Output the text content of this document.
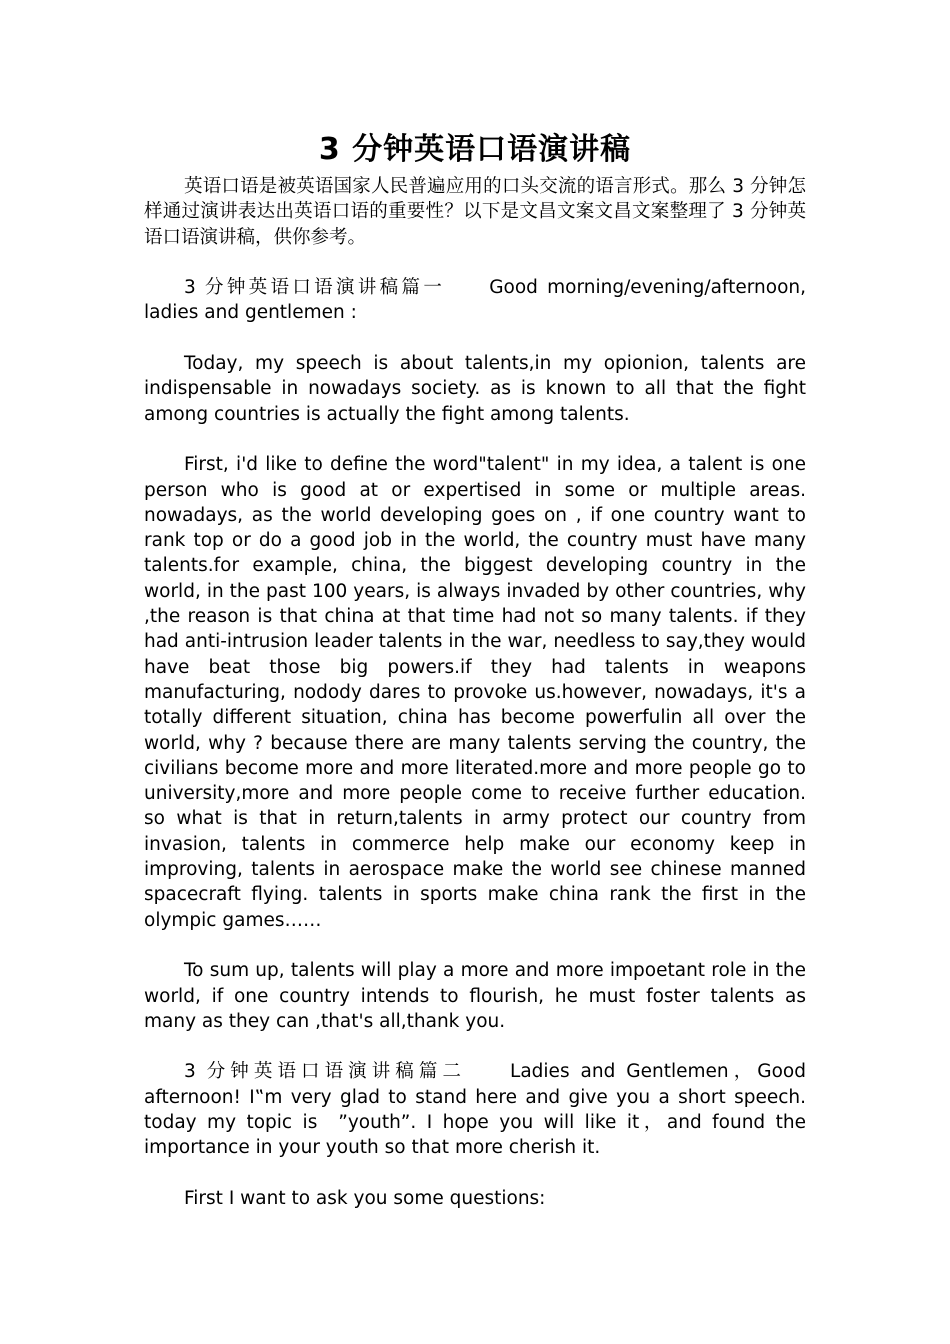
3 分钟英语口语演讲稿

英语口语是被英语国家人民普遍应用的口头交流的语言形式。那么 3 分钟怎样通过演讲表达出英语口语的重要性？以下是文昌文案文昌文案整理了 3 分钟英语口语演讲稿，供你参考。

3 分钟英语口语演讲稿篇一 Good morning/evening/afternoon, ladies and gentlemen :

Today, my speech is about talents,in my opionion, talents are indispensable in nowadays society. as is known to all that the fight among countries is actually the fight among talents.

First, i'd like to define the word"talent" in my idea, a talent is one person who is good at or expertised in some or multiple areas. nowadays, as the world developing goes on , if one country want to rank top or do a good job in the world, the country must have many talents.for example, china, the biggest developing country in the world, in the past 100 years, is always invaded by other countries, why ,the reason is that china at that time had not so many talents. if they had anti-intrusion leader talents in the war, needless to say,they would have beat those big powers.if they had talents in weapons manufacturing, nodody dares to provoke us.however, nowadays, it's a totally different situation, china has become powerfulin all over the world, why ? because there are many talents serving the country, the civilians become more and more literated.more and more people go to university,more and more people come to receive further education. so what is that in return,talents in army protect our country from invasion, talents in commerce help make our economy keep in improving, talents in aerospace make the world see chinese manned spacecraft flying. talents in sports make china rank the first in the olympic games……

To sum up, talents will play a more and more impoetant role in the world, if one country intends to flourish, he must foster talents as many as they can ,that's all,thank you.

3 分钟英语口语演讲稿篇二 Ladies and Gentlemen，Good afternoon! I‟m very glad to stand here and give you a short speech. today my topic is  ”youth”. I hope you will like it，and found the importance in your youth so that more cherish it.

First I want to ask you some questions:
